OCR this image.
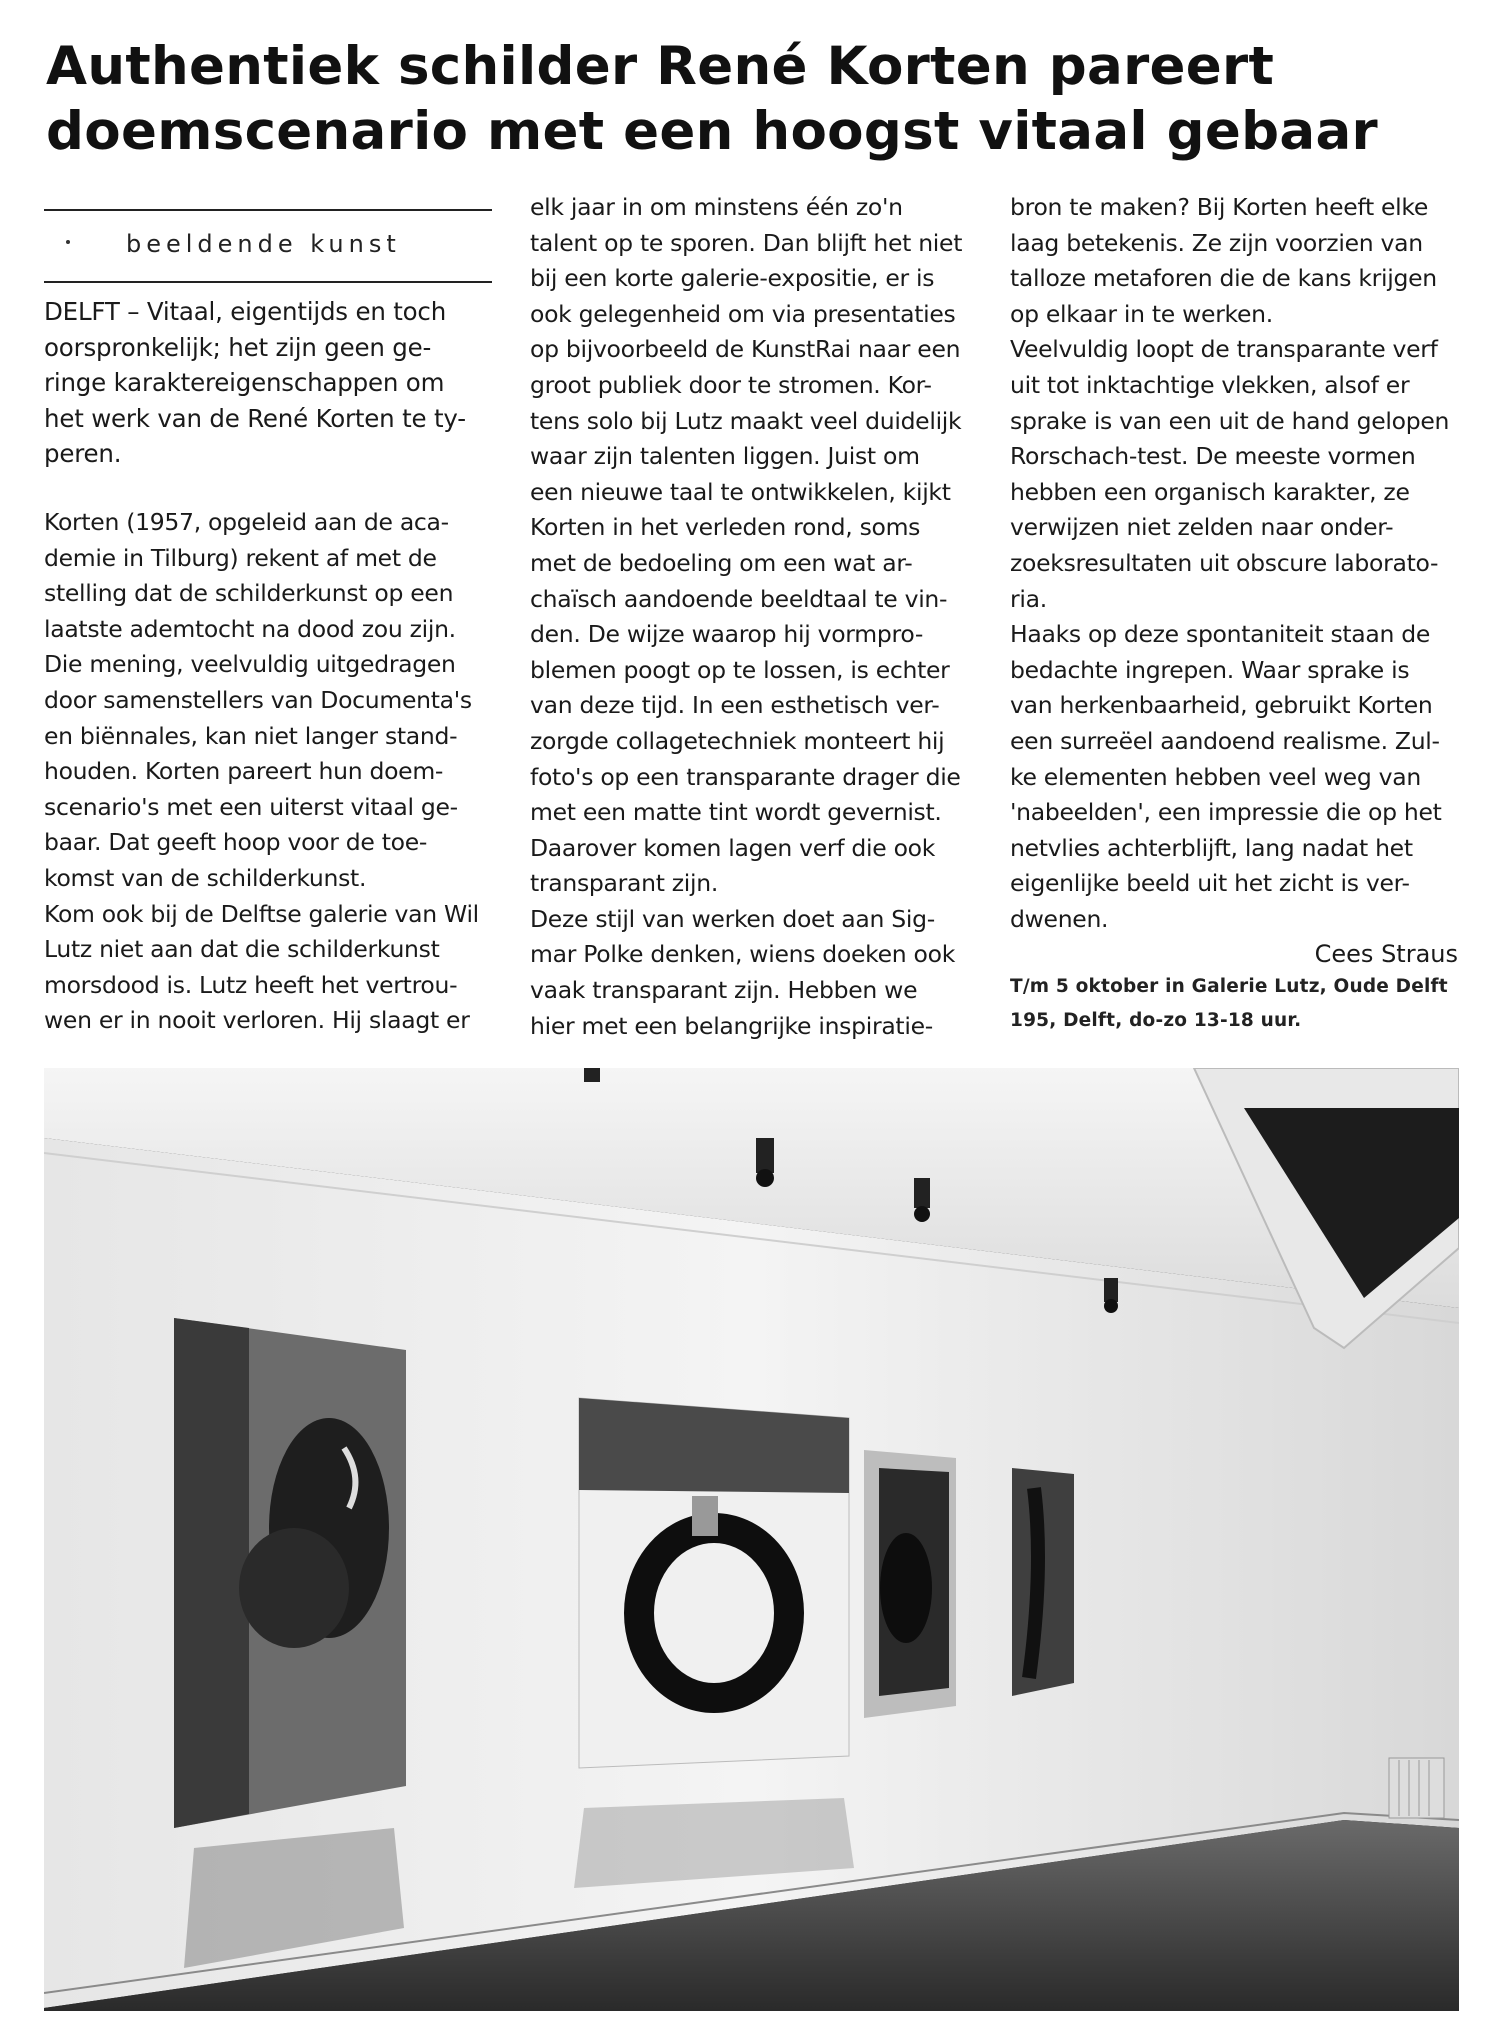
Authentiek schilder René Korten pareert
doemscenario met een hoogst vitaal gebaar
beeldende kunst
DELFT – Vitaal, eigentijds en toch
oorspronkelijk; het zijn geen ge-
ringe karaktereigenschappen om
het werk van de René Korten te ty-
peren.
Korten (1957, opgeleid aan de aca-
demie in Tilburg) rekent af met de
stelling dat de schilderkunst op een
laatste ademtocht na dood zou zijn.
Die mening, veelvuldig uitgedragen
door samenstellers van Documenta's
en biënnales, kan niet langer stand-
houden. Korten pareert hun doem-
scenario's met een uiterst vitaal ge-
baar. Dat geeft hoop voor de toe-
komst van de schilderkunst.
Kom ook bij de Delftse galerie van Wil
Lutz niet aan dat die schilderkunst
morsdood is. Lutz heeft het vertrou-
wen er in nooit verloren. Hij slaagt er
elk jaar in om minstens één zo'n
talent op te sporen. Dan blijft het niet
bij een korte galerie-expositie, er is
ook gelegenheid om via presentaties
op bijvoorbeeld de KunstRai naar een
groot publiek door te stromen. Kor-
tens solo bij Lutz maakt veel duidelijk
waar zijn talenten liggen. Juist om
een nieuwe taal te ontwikkelen, kijkt
Korten in het verleden rond, soms
met de bedoeling om een wat ar-
chaïsch aandoende beeldtaal te vin-
den. De wijze waarop hij vormpro-
blemen poogt op te lossen, is echter
van deze tijd. In een esthetisch ver-
zorgde collagetechniek monteert hij
foto's op een transparante drager die
met een matte tint wordt gevernist.
Daarover komen lagen verf die ook
transparant zijn.
Deze stijl van werken doet aan Sig-
mar Polke denken, wiens doeken ook
vaak transparant zijn. Hebben we
hier met een belangrijke inspiratie-
bron te maken? Bij Korten heeft elke
laag betekenis. Ze zijn voorzien van
talloze metaforen die de kans krijgen
op elkaar in te werken.
Veelvuldig loopt de transparante verf
uit tot inktachtige vlekken, alsof er
sprake is van een uit de hand gelopen
Rorschach-test. De meeste vormen
hebben een organisch karakter, ze
verwijzen niet zelden naar onder-
zoeksresultaten uit obscure laborato-
ria.
Haaks op deze spontaniteit staan de
bedachte ingrepen. Waar sprake is
van herkenbaarheid, gebruikt Korten
een surreëel aandoend realisme. Zul-
ke elementen hebben veel weg van
'nabeelden', een impressie die op het
netvlies achterblijft, lang nadat het
eigenlijke beeld uit het zicht is ver-
dwenen.
Cees Straus
T/m 5 oktober in Galerie Lutz, Oude Delft
195, Delft, do-zo 13-18 uur.
